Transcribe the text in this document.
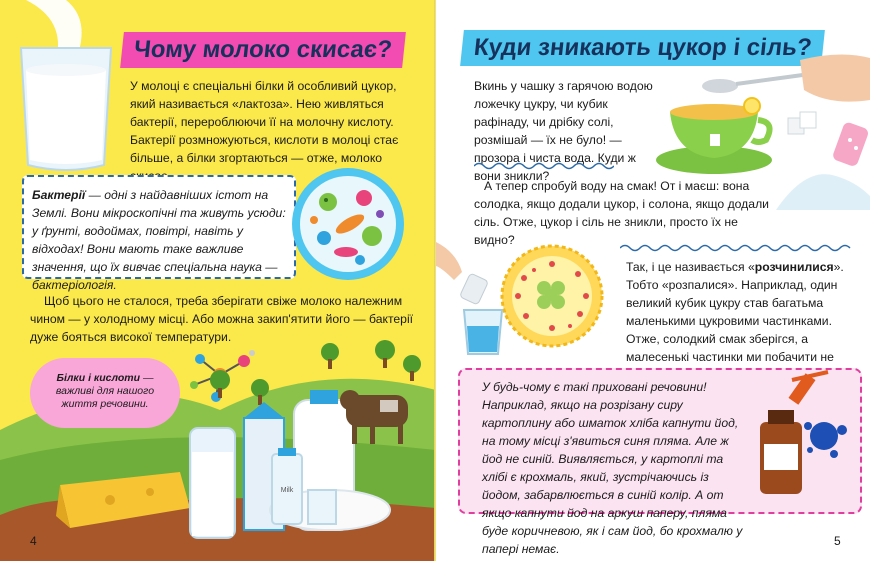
Чому молоко скисає?

У молоці є спеціальні білки й особливий цукор, який називається «лактоза». Нею живляться бактерії, перероблюючи її на молочну кислоту. Бактерії розмножуються, кислоти в молоці стає більше, а білки згортаються — отже, молоко

Бактерії — одні з найдавніших істот на Землі. Вони мікроскопічні та живуть усюди: у ґрунті, водоймах, повітрі, навіть у відходах! Вони мають таке важливе значення, що їх вивчає спеціальна наука — бактеріологія.

Щоб цього не сталося, треба зберігати свіже молоко належним чином — у холодному місці. Або можна закип'ятити його — бактерії дуже бояться високої температури.

Milk

Білки і кислоти — важливі для нашого життя речовини.

4
Куди зникають цукор і сіль?

Вкинь у чашку з гарячою водою ложечку цукру, чи кубик рафінаду, чи дрібку солі, розмішай — їх не було! — прозора і чиста вода. Куди ж вони зникли?

А тепер спробуй воду на смак! От і маєш: вона солодка, якщо додали цукор, і солона, якщо додали сіль. Отже, цукор і сіль не зникли, просто їх не видно?

Так, і це називається «розчинилися». Тобто «розпалися». Наприклад, один великий кубик цукру став багатьма маленькими цукровими частинками. Отже, солодкий смак зберігся, а малесенькі частинки ми побачити не

У будь-чому є такі приховані речовини! Наприклад, якщо на розрізану сиру картоплину або шматок хліба капнути йод, на тому місці з'явиться синя пляма. Але ж йод не синій. Виявляється, у картоплі та хлібі є крохмаль, який, зустрічаючись із йодом, забарвлюється в синій колір. А от якщо капнути йод на аркуш паперу, пляма буде коричневою, як і сам йод, бо крохмалю у папері немає.

5
